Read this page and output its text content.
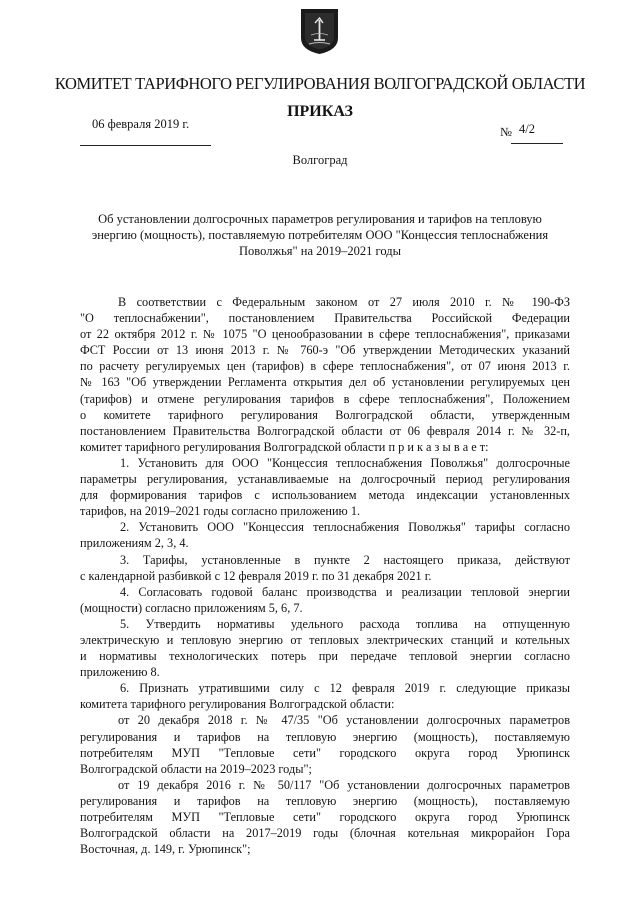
КОМИТЕТ ТАРИФНОГО РЕГУЛИРОВАНИЯ ВОЛГОГРАДСКОЙ ОБЛАСТИ
ПРИКАЗ
06 февраля 2019 г.
№ 4/2
Волгоград
Об установлении долгосрочных параметров регулирования и тарифов на тепловую
энергию (мощность), поставляемую потребителям ООО "Концессия теплоснабжения
Поволжья" на 2019–2021 годы
В соответствии с Федеральным законом от 27 июля 2010 г. № 190-ФЗ
"О теплоснабжении", постановлением Правительства Российской Федерации
от 22 октября 2012 г. № 1075 "О ценообразовании в сфере теплоснабжения", приказами
ФСТ России от 13 июня 2013 г. № 760-э "Об утверждении Методических указаний
по расчету регулируемых цен (тарифов) в сфере теплоснабжения", от 07 июня 2013 г.
№ 163 "Об утверждении Регламента открытия дел об установлении регулируемых цен
(тарифов) и отмене регулирования тарифов в сфере теплоснабжения", Положением
о комитете тарифного регулирования Волгоградской области, утвержденным
постановлением Правительства Волгоградской области от 06 февраля 2014 г. № 32-п,
комитет тарифного регулирования Волгоградской области п р и к а з ы в а е т:
1. Установить для ООО "Концессия теплоснабжения Поволжья" долгосрочные
параметры регулирования, устанавливаемые на долгосрочный период регулирования
для формирования тарифов с использованием метода индексации установленных
тарифов, на 2019–2021 годы согласно приложению 1.
2. Установить ООО "Концессия теплоснабжения Поволжья" тарифы согласно
приложениям 2, 3, 4.
3. Тарифы, установленные в пункте 2 настоящего приказа, действуют
с календарной разбивкой с 12 февраля 2019 г. по 31 декабря 2021 г.
4. Согласовать годовой баланс производства и реализации тепловой энергии
(мощности) согласно приложениям 5, 6, 7.
5. Утвердить нормативы удельного расхода топлива на отпущенную
электрическую и тепловую энергию от тепловых электрических станций и котельных
и нормативы технологических потерь при передаче тепловой энергии согласно
приложению 8.
6. Признать утратившими силу с 12 февраля 2019 г. следующие приказы
комитета тарифного регулирования Волгоградской области:
от 20 декабря 2018 г. № 47/35 "Об установлении долгосрочных параметров
регулирования и тарифов на тепловую энергию (мощность), поставляемую
потребителям МУП "Тепловые сети" городского округа город Урюпинск
Волгоградской области на 2019–2023 годы";
от 19 декабря 2016 г. № 50/117 "Об установлении долгосрочных параметров
регулирования и тарифов на тепловую энергию (мощность), поставляемую
потребителям МУП "Тепловые сети" городского округа город Урюпинск
Волгоградской области на 2017–2019 годы (блочная котельная микрорайон Гора
Восточная, д. 149, г. Урюпинск";
